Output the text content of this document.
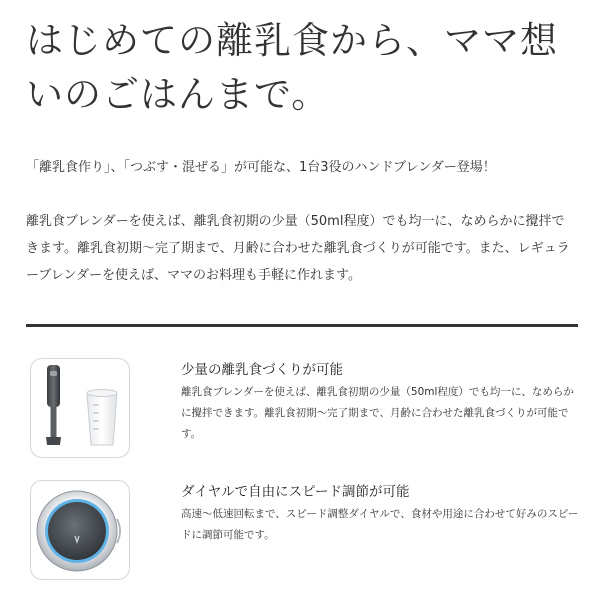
はじめての離乳食から、ママ想いのごはんまで。

「離乳食作り」、「つぶす・混ぜる」が可能な、1台3役のハンドブレンダー登場！

離乳食ブレンダーを使えば、離乳食初期の少量（50ml程度）でも均一に、なめらかに攪拌できます。離乳食初期～完了期まで、月齢に合わせた離乳食づくりが可能です。また、レギュラーブレンダーを使えば、ママのお料理も手軽に作れます。

少量の離乳食づくりが可能

離乳食ブレンダーを使えば、離乳食初期の少量（50ml程度）でも均一に、なめらかに攪拌できます。離乳食初期～完了期まで、月齢に合わせた離乳食づくりが可能です。

ダイヤルで自由にスピード調節が可能

高速～低速回転まで、スピード調整ダイヤルで、食材や用途に合わせて好みのスピードに調節可能です。
